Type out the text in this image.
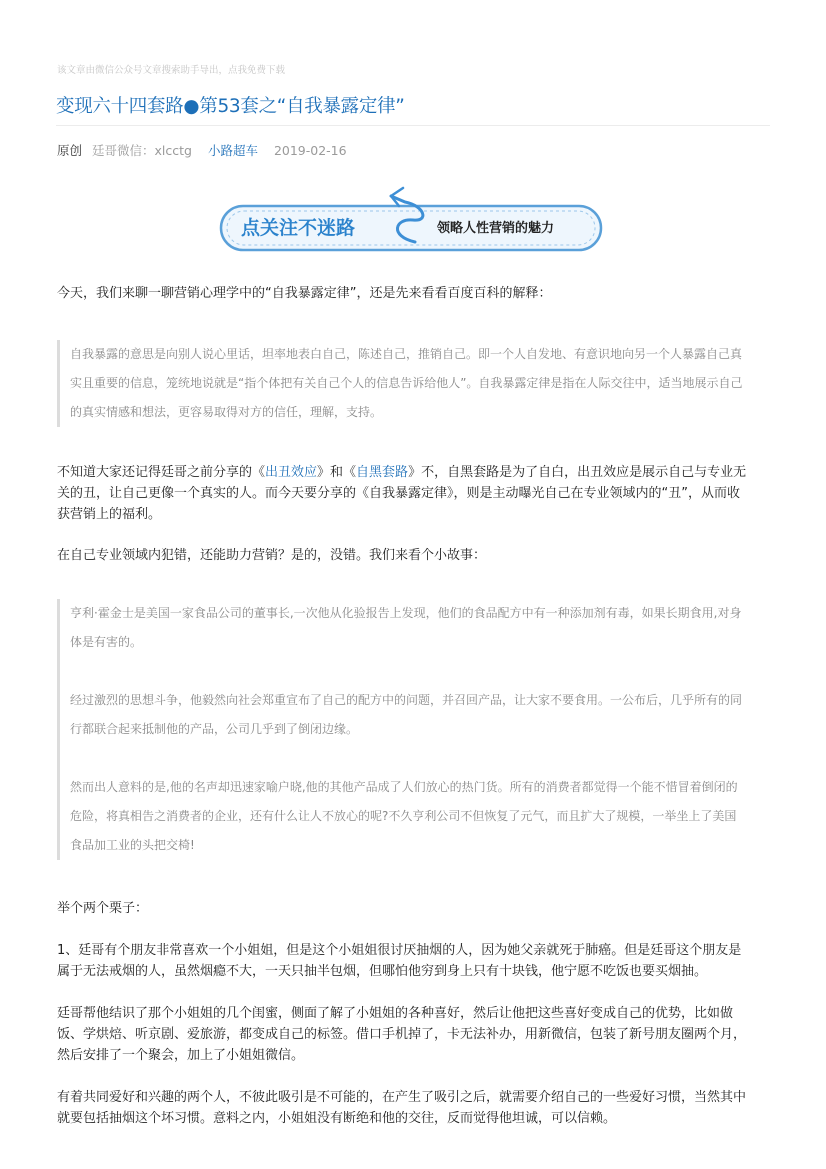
该文章由微信公众号文章搜索助手导出，点我免费下载
变现六十四套路●第53套之“自我暴露定律”
原创 廷哥微信：xlcctg 小路超车 2019-02-16
点关注不迷路	领略人性营销的魅力

今天，我们来聊一聊营销心理学中的“自我暴露定律”，还是先来看看百度百科的解释：

自我暴露的意思是向别人说心里话，坦率地表白自己，陈述自己，推销自己。即一个人自发地、有意识地向另一个人暴露自己真

实且重要的信息，笼统地说就是“指个体把有关自己个人的信息告诉给他人”。自我暴露定律是指在人际交往中，适当地展示自己

的真实情感和想法，更容易取得对方的信任，理解，支持。

不知道大家还记得廷哥之前分享的《出丑效应》和《自黑套路》不，自黑套路是为了自白，出丑效应是展示自己与专业无

关的丑，让自己更像一个真实的人。而今天要分享的《自我暴露定律》，则是主动曝光自己在专业领域内的“丑”，从而收

获营销上的福利。

在自己专业领域内犯错，还能助力营销？是的，没错。我们来看个小故事：

亨利·霍金士是美国一家食品公司的董事长,一次他从化验报告上发现，他们的食品配方中有一种添加剂有毒，如果长期食用,对身

体是有害的。

经过激烈的思想斗争，他毅然向社会郑重宣布了自己的配方中的问题，并召回产品，让大家不要食用。一公布后，几乎所有的同

行都联合起来抵制他的产品，公司几乎到了倒闭边缘。

然而出人意料的是,他的名声却迅速家喻户晓,他的其他产品成了人们放心的热门货。所有的消费者都觉得一个能不惜冒着倒闭的

危险，将真相告之消费者的企业，还有什么让人不放心的呢?不久亨利公司不但恢复了元气，而且扩大了规模，一举坐上了美国

食品加工业的头把交椅!

举个两个栗子：

1、廷哥有个朋友非常喜欢一个小姐姐，但是这个小姐姐很讨厌抽烟的人，因为她父亲就死于肺癌。但是廷哥这个朋友是

属于无法戒烟的人，虽然烟瘾不大，一天只抽半包烟，但哪怕他穷到身上只有十块钱，他宁愿不吃饭也要买烟抽。

廷哥帮他结识了那个小姐姐的几个闺蜜，侧面了解了小姐姐的各种喜好，然后让他把这些喜好变成自己的优势，比如做

饭、学烘焙、听京剧、爱旅游，都变成自己的标签。借口手机掉了，卡无法补办，用新微信，包装了新号朋友圈两个月，

然后安排了一个聚会，加上了小姐姐微信。

有着共同爱好和兴趣的两个人，不彼此吸引是不可能的，在产生了吸引之后，就需要介绍自己的一些爱好习惯，当然其中

就要包括抽烟这个坏习惯。意料之内，小姐姐没有断绝和他的交往，反而觉得他坦诚，可以信赖。
